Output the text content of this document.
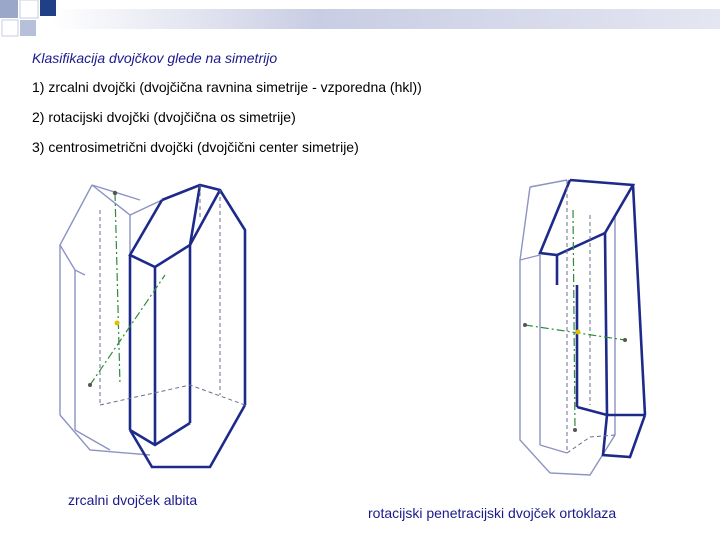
Klasifikacija dvojčkov glede na simetrijo

1) zrcalni dvojčki (dvojčična ravnina simetrije - vzporedna (hkl))

2) rotacijski dvojčki (dvojčična os simetrije)

3) centrosimetrični dvojčki (dvojčični center simetrije)

zrcalni dvojček albita

rotacijski penetracijski dvojček ortoklaza
